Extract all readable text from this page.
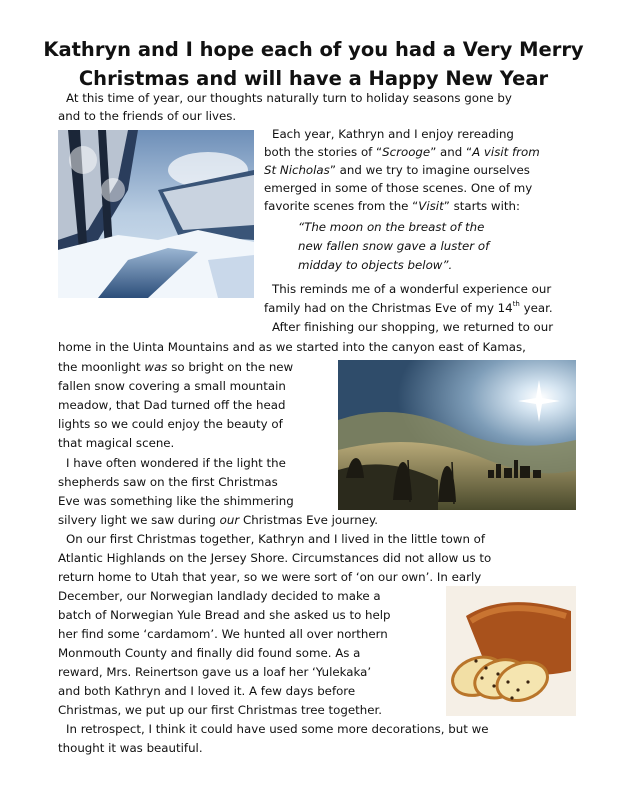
Kathryn and I hope each of you had a Very Merry
Christmas and will have a Happy New Year
At this time of year, our thoughts naturally turn to holiday seasons gone by
and to the friends of our lives.
Each year, Kathryn and I enjoy rereading
both the stories of “Scrooge” and “A visit from
St Nicholas” and we try to imagine ourselves
emerged in some of those scenes. One of my
favorite scenes from the “Visit” starts with:
“The moon on the breast of the
new fallen snow gave a luster of
midday to objects below”.
This reminds me of a wonderful experience our
family had on the Christmas Eve of my 14th year.
After finishing our shopping, we returned to our
home in the Uinta Mountains and as we started into the canyon east of Kamas,
the moonlight was so bright on the new
fallen snow covering a small mountain
meadow, that Dad turned off the head
lights so we could enjoy the beauty of
that magical scene.
I have often wondered if the light the
shepherds saw on the first Christmas
Eve was something like the shimmering
silvery light we saw during our Christmas Eve journey.
On our first Christmas together, Kathryn and I lived in the little town of
Atlantic Highlands on the Jersey Shore. Circumstances did not allow us to
return home to Utah that year, so we were sort of ‘on our own’. In early
December, our Norwegian landlady decided to make a
batch of Norwegian Yule Bread and she asked us to help
her find some ‘cardamom’. We hunted all over northern
Monmouth County and finally did found some. As a
reward, Mrs. Reinertson gave us a loaf her ‘Yulekaka’
and both Kathryn and I loved it. A few days before
Christmas, we put up our first Christmas tree together.
In retrospect, I think it could have used some more decorations, but we
thought it was beautiful.
